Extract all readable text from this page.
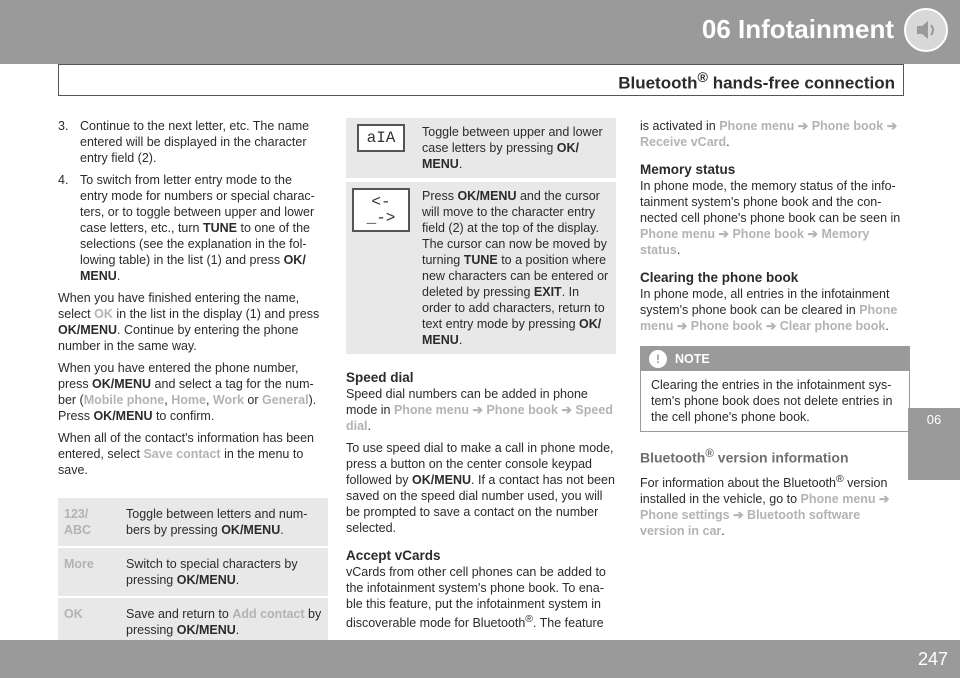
06 Infotainment
Bluetooth® hands-free connection
06
3. Continue to the next letter, etc. The name entered will be displayed in the character entry field (2).
4. To switch from letter entry mode to the entry mode for numbers or special charac-ters, or to toggle between upper and lower case letters, etc., turn TUNE to one of the selections (see the explanation in the fol-lowing table) in the list (1) and press OK/ MENU.

When you have finished entering the name, select OK in the list in the display (1) and press OK/MENU. Continue by entering the phone number in the same way.

When you have entered the phone number, press OK/MENU and select a tag for the num-ber (Mobile phone, Home, Work or General). Press OK/MENU to confirm.

When all of the contact's information has been entered, select Save contact in the menu to save.

123/ ABC	Toggle between letters and num-bers by pressing OK/MENU.
More	Switch to special characters by pressing OK/MENU.
OK	Save and return to Add contact by pressing OK/MENU.
aIA	Toggle between upper and lower case letters by pressing OK/ MENU.
<-_->	Press OK/MENU and the cursor will move to the character entry field (2) at the top of the display. The cursor can now be moved by turning TUNE to a position where new characters can be entered or deleted by pressing EXIT. In order to add characters, return to text entry mode by pressing OK/ MENU.
Speed dial

Speed dial numbers can be added in phone mode in Phone menu ➔ Phone book ➔ Speed dial.

To use speed dial to make a call in phone mode, press a button on the center console keypad followed by OK/MENU. If a contact has not been saved on the speed dial number used, you will be prompted to save a contact on the number selected.

Accept vCards

vCards from other cell phones can be added to the infotainment system's phone book. To ena-ble this feature, put the infotainment system in discoverable mode for Bluetooth®. The feature

is activated in Phone menu ➔ Phone book ➔ Receive vCard.

Memory status

In phone mode, the memory status of the info-tainment system's phone book and the con-nected cell phone's phone book can be seen in Phone menu ➔ Phone book ➔ Memory status.

Clearing the phone book

In phone mode, all entries in the infotainment system's phone book can be cleared in Phone menu ➔ Phone book ➔ Clear phone book.

!	NOTE
Clearing the entries in the infotainment sys-tem's phone book does not delete entries in the cell phone's phone book.
Bluetooth® version information

For information about the Bluetooth® version installed in the vehicle, go to Phone menu ➔ Phone settings ➔ Bluetooth software version in car.

247
